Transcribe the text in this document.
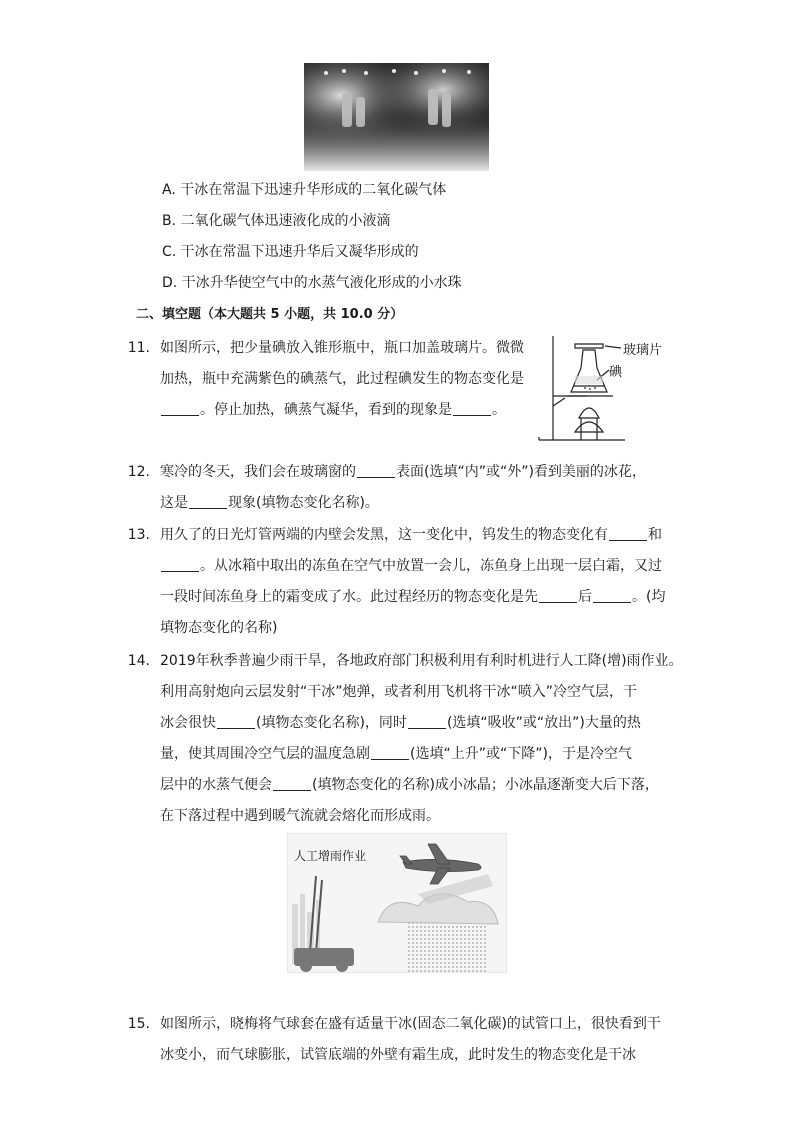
A. 干冰在常温下迅速升华形成的二氧化碳气体
B. 二氧化碳气体迅速液化成的小液滴
C. 干冰在常温下迅速升华后又凝华形成的
D. 干冰升华使空气中的水蒸气液化形成的小水珠
二、填空题（本大题共 5 小题，共 10.0 分）
11. 如图所示，把少量碘放入锥形瓶中，瓶口加盖玻璃片。微微
加热，瓶中充满紫色的碘蒸气，此过程碘发生的物态变化是
。停止加热，碘蒸气凝华，看到的现象是	。
玻璃片
碘
12. 寒冷的冬天，我们会在玻璃窗的	表面(选填“内”或“外”)看到美丽的冰花，
这是	现象(填物态变化名称)。
13. 用久了的日光灯管两端的内壁会发黑，这一变化中，钨发生的物态变化有	和
。从冰箱中取出的冻鱼在空气中放置一会儿，冻鱼身上出现一层白霜，又过
一段时间冻鱼身上的霜变成了水。此过程经历的物态变化是先	后	。(均
填物态变化的名称)
14. 2019年秋季普遍少雨干旱，各地政府部门积极利用有利时机进行人工降(增)雨作业。
利用高射炮向云层发射“干冰”炮弹，或者利用飞机将干冰“喷入”冷空气层，干
冰会很快	(填物态变化名称)，同时	(选填“吸收”或“放出”)大量的热
量，使其周围冷空气层的温度急剧	(选填“上升”或“下降”)，于是冷空气
层中的水蒸气便会	(填物态变化的名称)成小冰晶；小冰晶逐渐变大后下落，
在下落过程中遇到暖气流就会熔化而形成雨。
人工增雨作业
15. 如图所示，晓梅将气球套在盛有适量干冰(固态二氧化碳)的试管口上，很快看到干
冰变小，而气球膨胀，试管底端的外壁有霜生成，此时发生的物态变化是干冰
